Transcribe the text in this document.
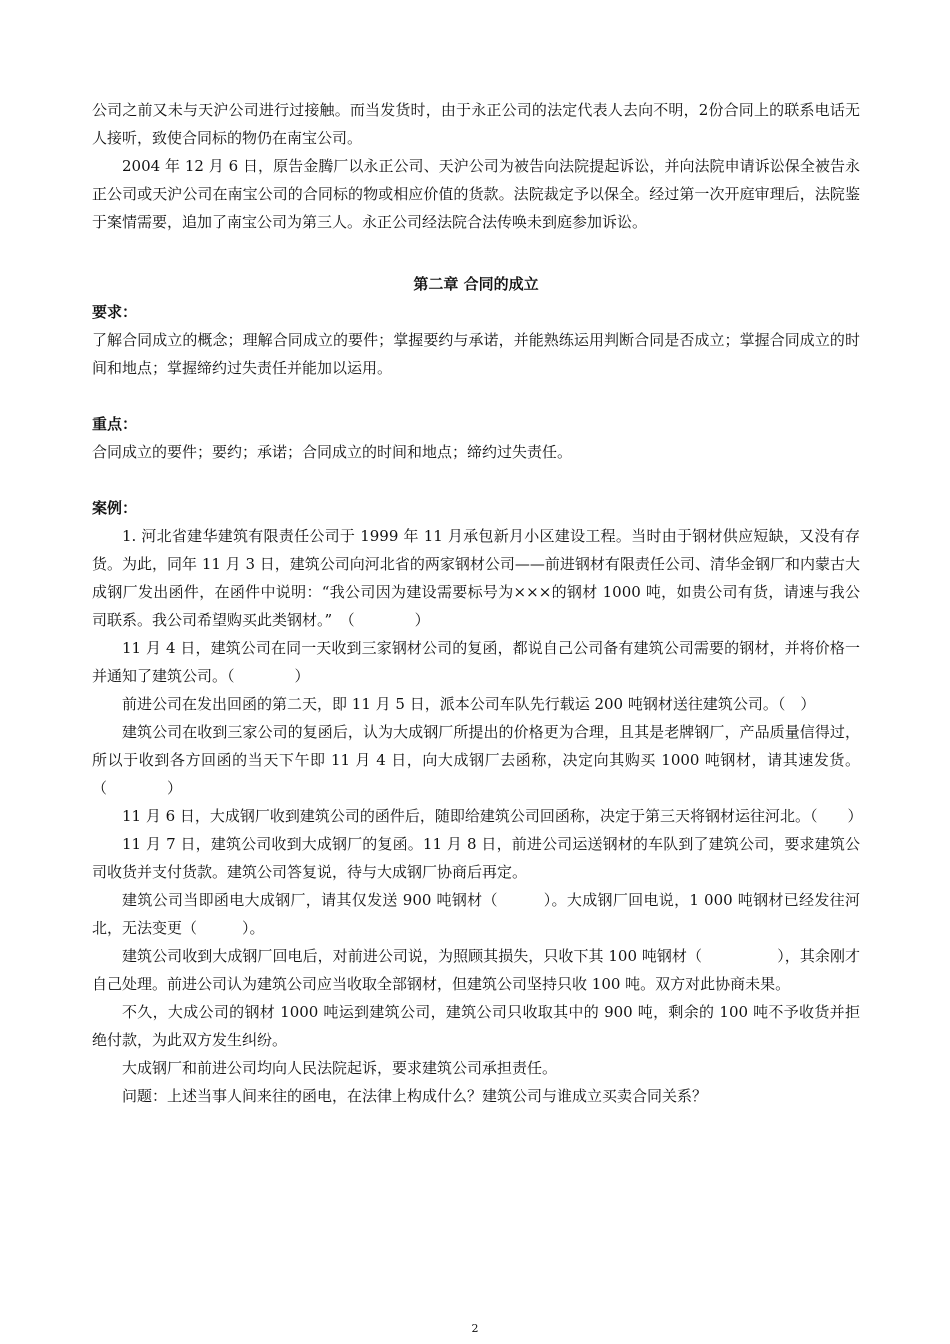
公司之前又未与天沪公司进行过接触。而当发货时，由于永正公司的法定代表人去向不明，2份合同上的联系电话无人接听，致使合同标的物仍在南宝公司。

2004 年 12 月 6 日，原告金腾厂以永正公司、天沪公司为被告向法院提起诉讼，并向法院申请诉讼保全被告永正公司或天沪公司在南宝公司的合同标的物或相应价值的货款。法院裁定予以保全。经过第一次开庭审理后，法院鉴于案情需要，追加了南宝公司为第三人。永正公司经法院合法传唤未到庭参加诉讼。

第二章 合同的成立

要求：

了解合同成立的概念；理解合同成立的要件；掌握要约与承诺，并能熟练运用判断合同是否成立；掌握合同成立的时间和地点；掌握缔约过失责任并能加以运用。

重点：

合同成立的要件；要约；承诺；合同成立的时间和地点；缔约过失责任。

案例：

1. 河北省建华建筑有限责任公司于 1999 年 11 月承包新月小区建设工程。当时由于钢材供应短缺，又没有存货。为此，同年 11 月 3 日，建筑公司向河北省的两家钢材公司——前进钢材有限责任公司、清华金钢厂和内蒙古大成钢厂发出函件，在函件中说明：“我公司因为建设需要标号为×××的钢材 1000 吨，如贵公司有货，请速与我公司联系。我公司希望购买此类钢材。”　（　　　　）

11 月 4 日，建筑公司在同一天收到三家钢材公司的复函，都说自己公司备有建筑公司需要的钢材，并将价格一并通知了建筑公司。（　　　　）

前进公司在发出回函的第二天，即 11 月 5 日，派本公司车队先行载运 200 吨钢材送往建筑公司。（　）

建筑公司在收到三家公司的复函后，认为大成钢厂所提出的价格更为合理，且其是老牌钢厂，产品质量信得过，所以于收到各方回函的当天下午即 11 月 4 日，向大成钢厂去函称，决定向其购买 1000 吨钢材，请其速发货。（　　　　）

11 月 6 日，大成钢厂收到建筑公司的函件后，随即给建筑公司回函称，决定于第三天将钢材运往河北。（　　）

11 月 7 日，建筑公司收到大成钢厂的复函。11 月 8 日，前进公司运送钢材的车队到了建筑公司，要求建筑公司收货并支付货款。建筑公司答复说，待与大成钢厂协商后再定。

建筑公司当即函电大成钢厂，请其仅发送 900 吨钢材（　　　）。大成钢厂回电说，1 000 吨钢材已经发往河北，无法变更（　　　）。

建筑公司收到大成钢厂回电后，对前进公司说，为照顾其损失，只收下其 100 吨钢材（　　　　　），其余刚才自己处理。前进公司认为建筑公司应当收取全部钢材，但建筑公司坚持只收 100 吨。双方对此协商未果。

不久，大成公司的钢材 1000 吨运到建筑公司，建筑公司只收取其中的 900 吨，剩余的 100 吨不予收货并拒绝付款，为此双方发生纠纷。

大成钢厂和前进公司均向人民法院起诉，要求建筑公司承担责任。

问题：上述当事人间来往的函电，在法律上构成什么？建筑公司与谁成立买卖合同关系？

2
